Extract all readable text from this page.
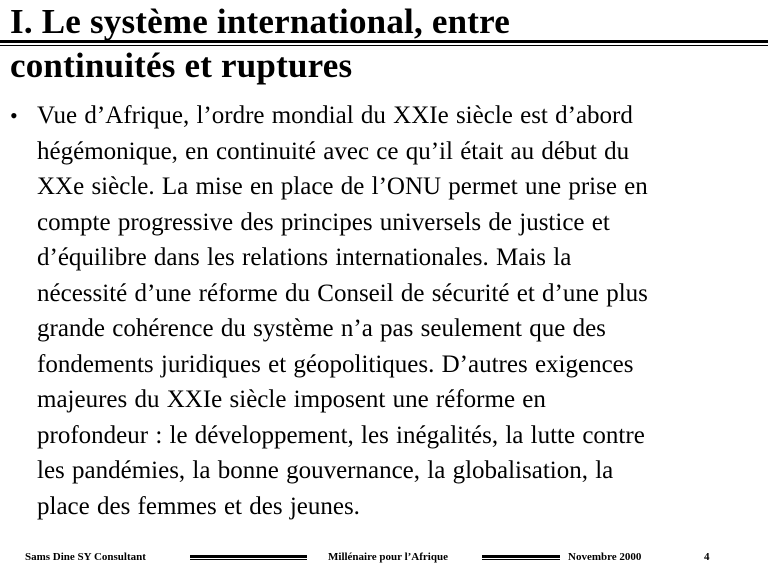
I. Le système international, entre
continuités et ruptures
• Vue d’Afrique, l’ordre mondial du XXIe siècle est d’abord
hégémonique, en continuité avec ce qu’il était au début du
XXe siècle. La mise en place de l’ONU permet une prise en
compte progressive des principes universels de justice et
d’équilibre dans les relations internationales. Mais la
nécessité d’une réforme du Conseil de sécurité et d’une plus
grande cohérence du système n’a pas seulement que des
fondements juridiques et géopolitiques. D’autres exigences
majeures du XXIe siècle imposent une réforme en
profondeur : le développement, les inégalités, la lutte contre
les pandémies, la bonne gouvernance, la globalisation, la
place des femmes et des jeunes.
Sams Dine SY Consultant	Millénaire pour l’Afrique	Novembre 2000	4
